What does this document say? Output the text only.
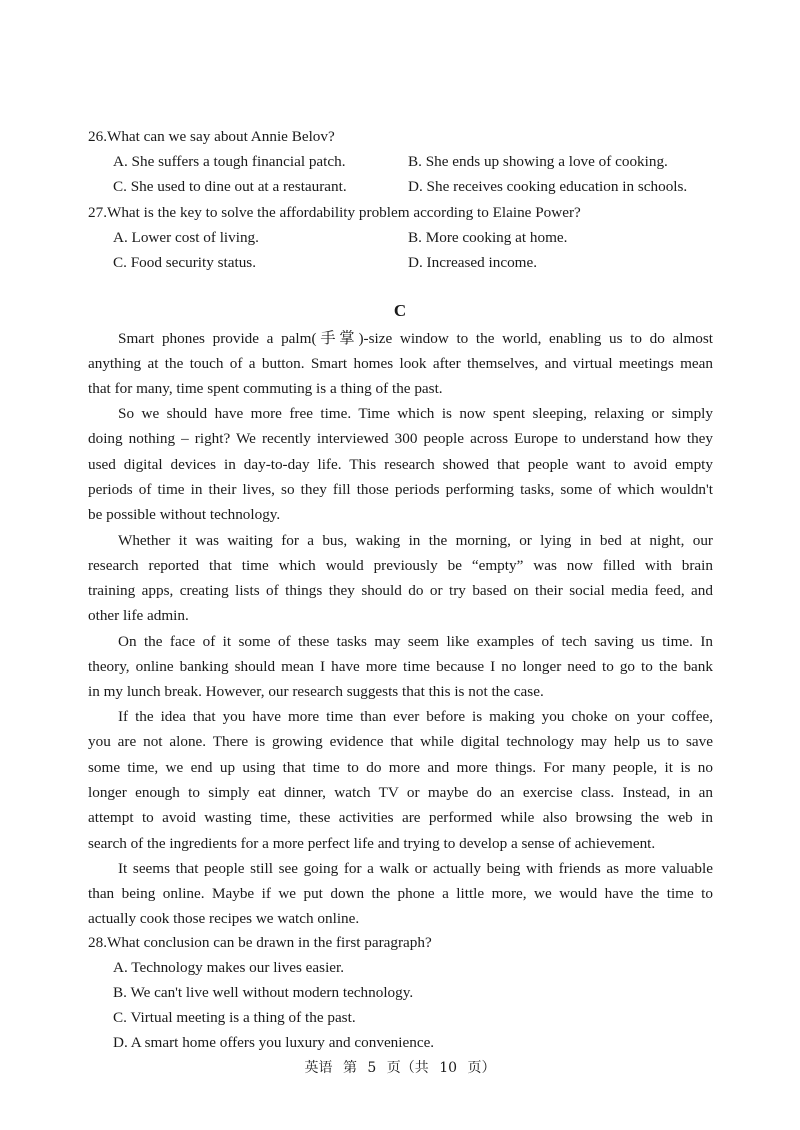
26.What can we say about Annie Belov?
A. She suffers a tough financial patch.	B. She ends up showing a love of cooking.
C. She used to dine out at a restaurant.	D. She receives cooking education in schools.
27.What is the key to solve the affordability problem according to Elaine Power?
A. Lower cost of living.	B. More cooking at home.
C. Food security status.	D. Increased income.
C
Smart phones provide a palm(手掌)-size window to the world, enabling us to do almost
anything at the touch of a button. Smart homes look after themselves, and virtual meetings mean
that for many, time spent commuting is a thing of the past.
So we should have more free time. Time which is now spent sleeping, relaxing or simply
doing nothing – right? We recently interviewed 300 people across Europe to understand how they
used digital devices in day-to-day life. This research showed that people want to avoid empty
periods of time in their lives, so they fill those periods performing tasks, some of which wouldn't
be possible without technology.
Whether it was waiting for a bus, waking in the morning, or lying in bed at night, our
research reported that time which would previously be “empty” was now filled with brain
training apps, creating lists of things they should do or try based on their social media feed, and
other life admin.
On the face of it some of these tasks may seem like examples of tech saving us time. In
theory, online banking should mean I have more time because I no longer need to go to the bank
in my lunch break. However, our research suggests that this is not the case.
If the idea that you have more time than ever before is making you choke on your coffee,
you are not alone. There is growing evidence that while digital technology may help us to save
some time, we end up using that time to do more and more things. For many people, it is no
longer enough to simply eat dinner, watch TV or maybe do an exercise class. Instead, in an
attempt to avoid wasting time, these activities are performed while also browsing the web in
search of the ingredients for a more perfect life and trying to develop a sense of achievement.
It seems that people still see going for a walk or actually being with friends as more valuable
than being online. Maybe if we put down the phone a little more, we would have the time to
actually cook those recipes we watch online.
28.What conclusion can be drawn in the first paragraph?
A. Technology makes our lives easier.
B. We can't live well without modern technology.
C. Virtual meeting is a thing of the past.
D. A smart home offers you luxury and convenience.
英语 第 5 页（共 10 页）
